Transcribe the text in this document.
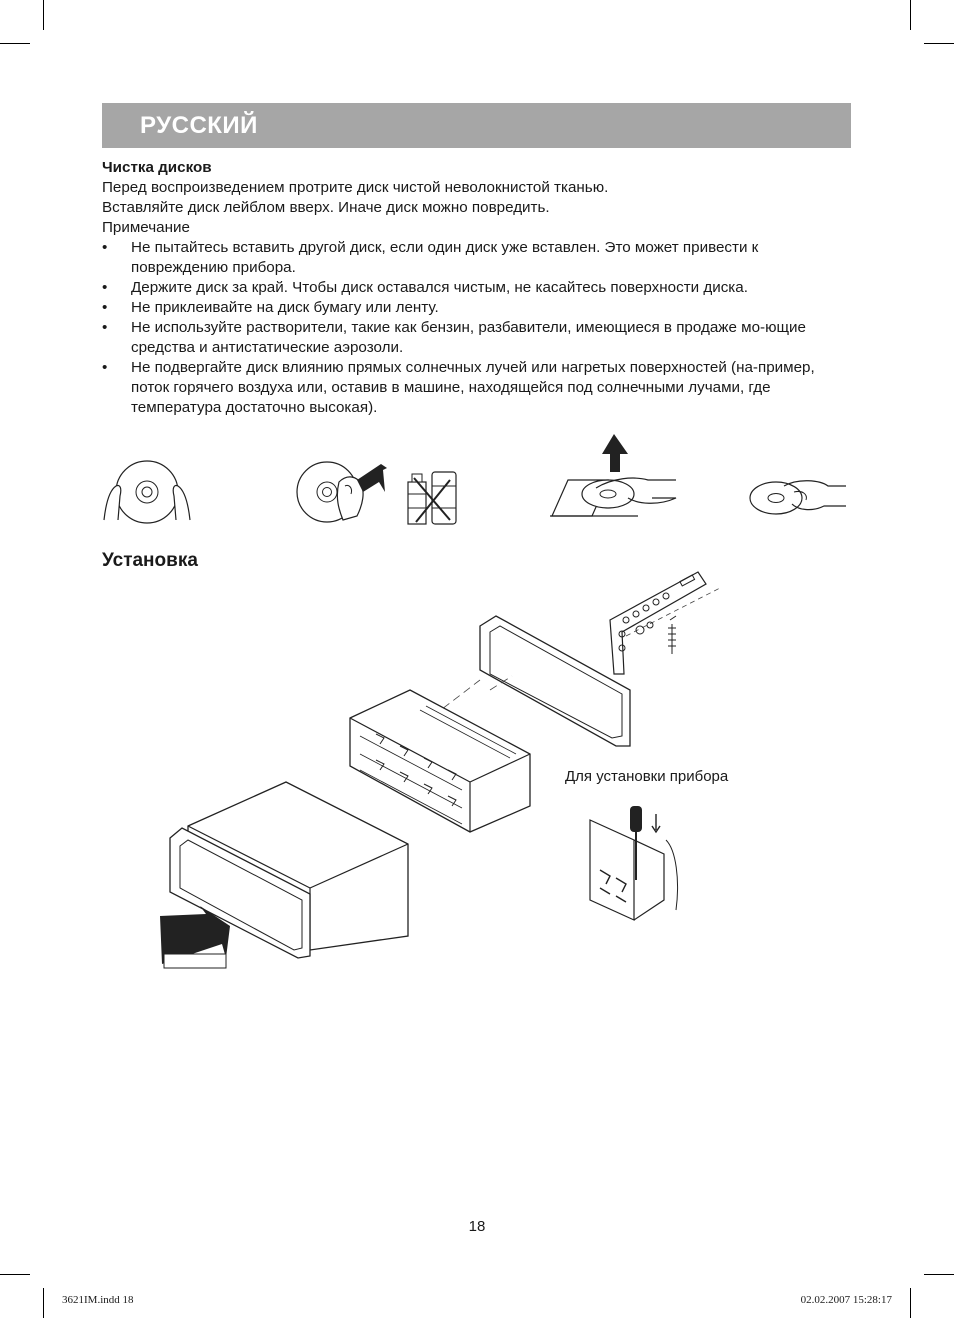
РУССКИЙ
Чистка дисков
Перед воспроизведением протрите диск чистой неволокнистой тканью.
Вставляйте диск лейблом вверх. Иначе диск можно повредить.
Примечание
• Не пытайтесь вставить другой диск, если один диск уже вставлен. Это может привести к повреждению прибора.
• Держите диск за край. Чтобы диск оставался чистым, не касайтесь поверхности диска.
• Не приклеивайте на диск бумагу или ленту.
• Не используйте растворители, такие как бензин, разбавители, имеющиеся в продаже мо-ющие средства и антистатические аэрозоли.
• Не подвергайте диск влиянию прямых солнечных лучей или нагретых поверхностей (на-пример, поток горячего воздуха или, оставив в машине, находящейся под солнечными лучами, где температура достаточно высокая).
Установка
Для установки прибора
18
3621IM.indd 18	02.02.2007 15:28:17
